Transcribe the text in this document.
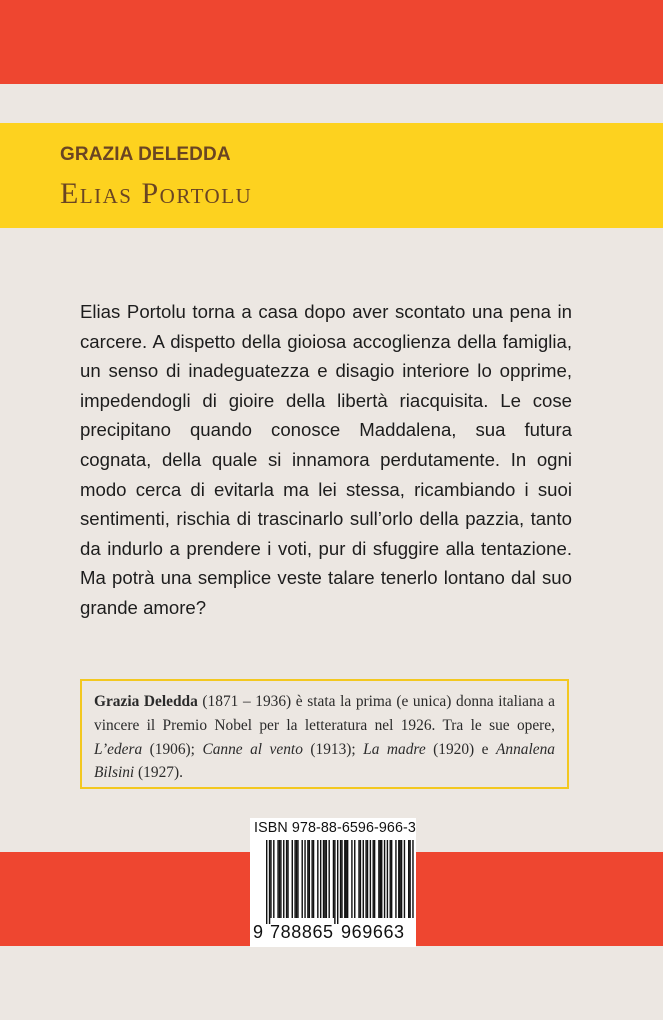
GRAZIA DELEDDA
Elias Portolu

Elias Portolu torna a casa dopo aver scontato una pena in carcere. A dispetto della gioiosa accoglienza della famiglia, un senso di inadeguatezza e disagio interiore lo opprime, impedendogli di gioire della libertà riacquisita. Le cose precipitano quando conosce Maddalena, sua futura cognata, della quale si innamora perdutamente. In ogni modo cerca di evitarla ma lei stessa, ricambiando i suoi sentimenti, rischia di trascinarlo sull’orlo della pazzia, tanto da indurlo a prendere i voti, pur di sfuggire alla tentazione. Ma potrà una semplice veste talare tenerlo lontano dal suo grande amore?

Grazia Deledda (1871 – 1936) è stata la prima (e unica) donna italiana a vincere il Premio Nobel per la letteratura nel 1926. Tra le sue opere, L’edera (1906); Canne al vento (1913); La madre (1920) e Annalena Bilsini (1927).

ISBN 978-88-6596-966-3
9 788865 969663
